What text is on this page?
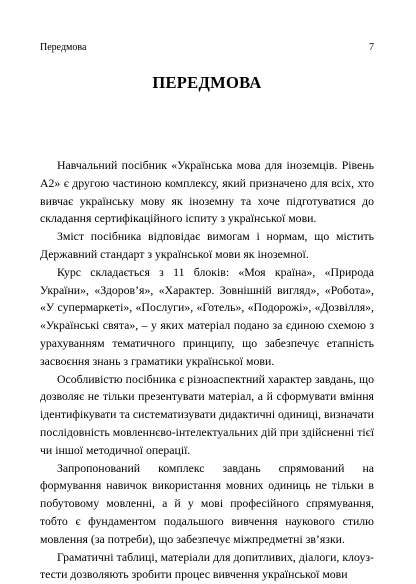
Передмова	7
ПЕРЕДМОВА

Навчальний посібник «Українська мова для іноземців. Рівень А2» є другою частиною комплексу, який призначено для всіх, хто вивчає українську мову як іноземну та хоче підготуватися до складання сертифікаційного іспиту з української мови.

Зміст посібника відповідає вимогам і нормам, що містить Державний стандарт з української мови як іноземної.

Курс складається з 11 блоків: «Моя країна», «Природа України», «Здоров’я», «Характер. Зовнішній вигляд», «Робота», «У супермаркеті», «Послуги», «Готель», «Подорожі», «Дозвілля», «Українські свята», – у яких матеріал подано за єдиною схемою з урахуванням тематичного принципу, що забезпечує етапність засвоєння знань з граматики української мови.

Особливістю посібника є різноаспектний характер завдань, що дозволяє не тільки презентувати матеріал, а й сформувати вміння ідентифікувати та систематизувати дидактичні одиниці, визначати послідовність мовленнєво-інтелектуальних дій при здійсненні тієї чи іншої методичної операції.

Запропонований комплекс завдань спрямований на формування навичок використання мовних одиниць не тільки в побутовому мовленні, а й у мові професійного спрямування, тобто є фундаментом подальшого вивчення наукового стилю мовлення (за потреби), що забезпечує міжпредметні зв’язки.

Граматичні таблиці, матеріали для допитливих, діалоги, клоуз-тести дозволяють зробити процес вивчення української мови
